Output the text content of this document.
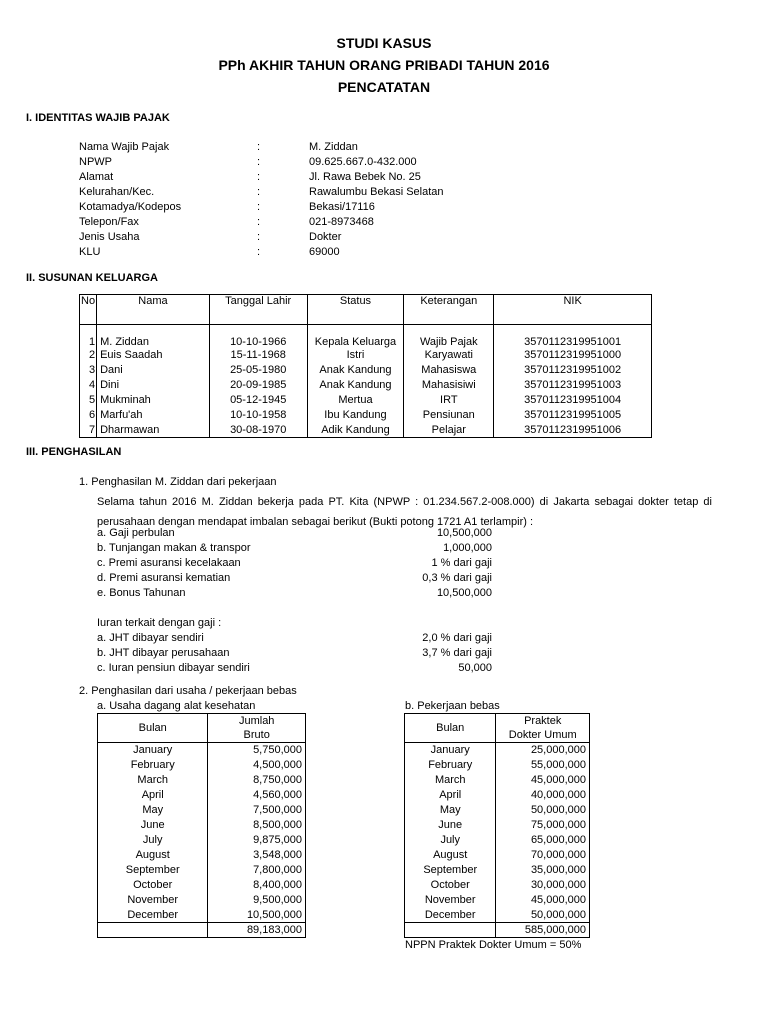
STUDI KASUS
PPh AKHIR TAHUN ORANG PRIBADI TAHUN 2016
PENCATATAN
I. IDENTITAS WAJIB PAJAK
Nama Wajib Pajak	:	M. Ziddan
NPWP	:	09.625.667.0-432.000
Alamat	:	Jl. Rawa Bebek No. 25
Kelurahan/Kec.	:	Rawalumbu Bekasi Selatan
Kotamadya/Kodepos	:	Bekasi/17116
Telepon/Fax	:	021-8973468
Jenis Usaha	:	Dokter
KLU	:	69000
II. SUSUNAN KELUARGA
No	Nama	Tanggal Lahir	Status	Keterangan	NIK
1	M. Ziddan	10-10-1966	Kepala Keluarga	Wajib Pajak	3570112319951001
2	Euis Saadah	15-11-1968	Istri	Karyawati	3570112319951000
3	Dani	25-05-1980	Anak Kandung	Mahasiswa	3570112319951002
4	Dini	20-09-1985	Anak Kandung	Mahasisiwi	3570112319951003
5	Mukminah	05-12-1945	Mertua	IRT	3570112319951004
6	Marfu'ah	10-10-1958	Ibu Kandung	Pensiunan	3570112319951005
7	Dharmawan	30-08-1970	Adik Kandung	Pelajar	3570112319951006
III. PENGHASILAN
1. Penghasilan M. Ziddan dari pekerjaan
Selama tahun 2016 M. Ziddan bekerja pada PT. Kita (NPWP : 01.234.567.2-008.000) di Jakarta sebagai dokter tetap di
perusahaan dengan mendapat imbalan sebagai berikut (Bukti potong 1721 A1 terlampir) :
a. Gaji perbulan	10,500,000
b. Tunjangan makan & transpor	1,000,000
c. Premi asuransi kecelakaan	1 % dari gaji
d. Premi asuransi kematian	0,3 % dari gaji
e. Bonus Tahunan	10,500,000
Iuran terkait dengan gaji :
a. JHT dibayar sendiri	2,0 % dari gaji
b. JHT dibayar perusahaan	3,7 % dari gaji
c. Iuran pensiun dibayar sendiri	50,000
2. Penghasilan dari usaha / pekerjaan bebas
a. Usaha dagang alat kesehatan
Bulan	Jumlah
Bruto
January	5,750,000
February	4,500,000
March	8,750,000
April	4,560,000
May	7,500,000
June	8,500,000
July	9,875,000
August	3,548,000
September	7,800,000
October	8,400,000
November	9,500,000
December	10,500,000
	89,183,000
b. Pekerjaan bebas
Bulan	Praktek
Dokter Umum
January	25,000,000
February	55,000,000
March	45,000,000
April	40,000,000
May	50,000,000
June	75,000,000
July	65,000,000
August	70,000,000
September	35,000,000
October	30,000,000
November	45,000,000
December	50,000,000
	585,000,000
NPPN Praktek Dokter Umum = 50%
